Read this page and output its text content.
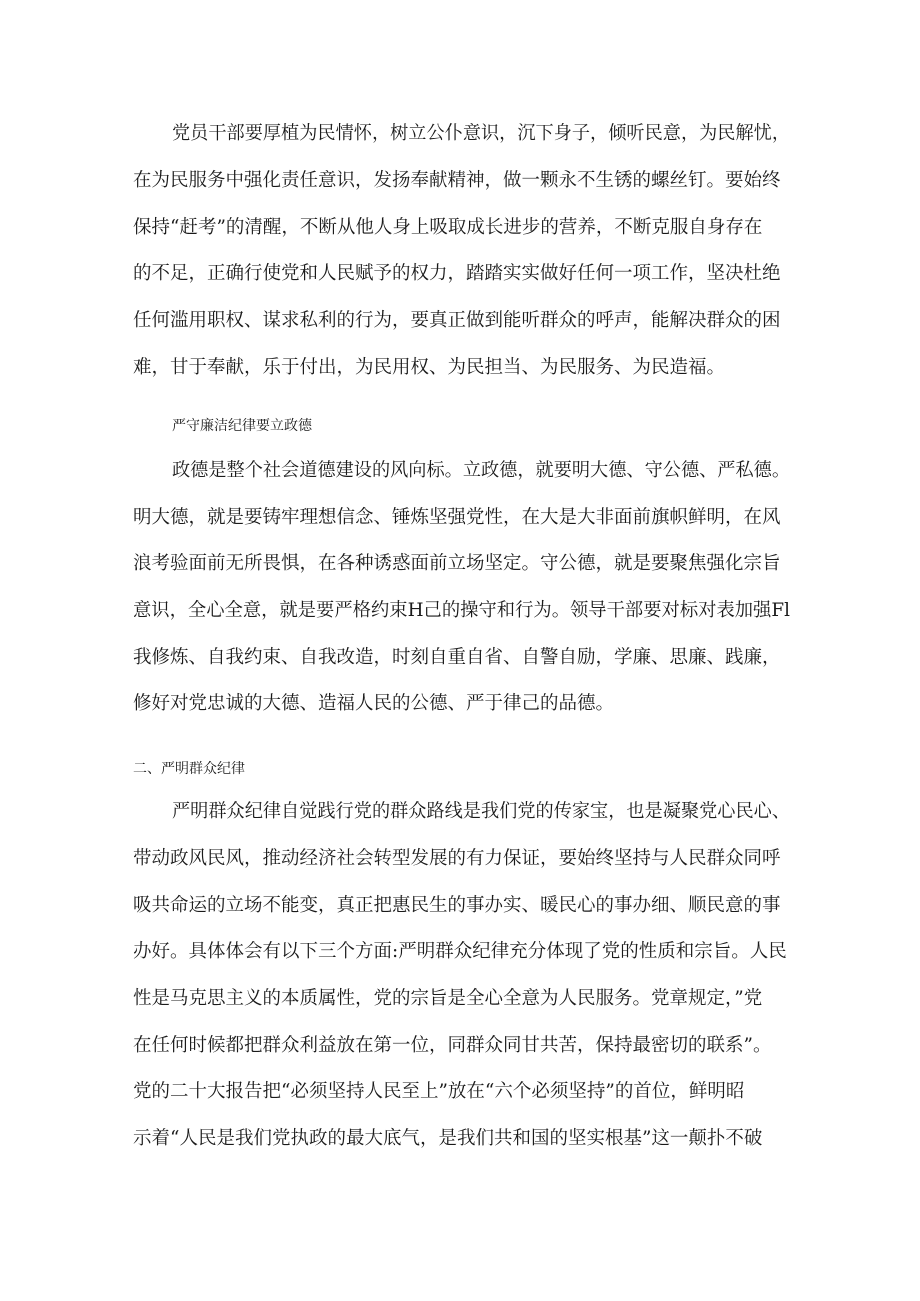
党员干部要厚植为民情怀，树立公仆意识，沉下身子，倾听民意，为民解忧，
在为民服务中强化责任意识，发扬奉献精神，做一颗永不生锈的螺丝钉。要始终
保持“赶考”的清醒，不断从他人身上吸取成长进步的营养，不断克服自身存在
的不足，正确行使党和人民赋予的权力，踏踏实实做好任何一项工作，坚决杜绝
任何滥用职权、谋求私利的行为，要真正做到能听群众的呼声，能解决群众的困
难，甘于奉献，乐于付出，为民用权、为民担当、为民服务、为民造福。
严守廉洁纪律要立政德
政德是整个社会道德建设的风向标。立政德，就要明大德、守公德、严私德。
明大德，就是要铸牢理想信念、锤炼坚强党性，在大是大非面前旗帜鲜明，在风
浪考验面前无所畏惧，在各种诱惑面前立场坚定。守公德，就是要聚焦强化宗旨
意识，全心全意，就是要严格约束H己的操守和行为。领导干部要对标对表加强Fl
我修炼、自我约束、自我改造，时刻自重自省、自警自励，学廉、思廉、践廉，
修好对党忠诚的大德、造福人民的公德、严于律己的品德。
二、严明群众纪律
严明群众纪律自觉践行党的群众路线是我们党的传家宝，也是凝聚党心民心、
带动政风民风，推动经济社会转型发展的有力保证，要始终坚持与人民群众同呼
吸共命运的立场不能变，真正把惠民生的事办实、暖民心的事办细、顺民意的事
办好。具体体会有以下三个方面:严明群众纪律充分体现了党的性质和宗旨。人民
性是马克思主义的本质属性，党的宗旨是全心全意为人民服务。党章规定，”党
在任何时候都把群众利益放在第一位，同群众同甘共苦，保持最密切的联系”。
党的二十大报告把“必须坚持人民至上”放在“六个必须坚持”的首位，鲜明昭
示着“人民是我们党执政的最大底气，是我们共和国的坚实根基”这一颠扑不破
